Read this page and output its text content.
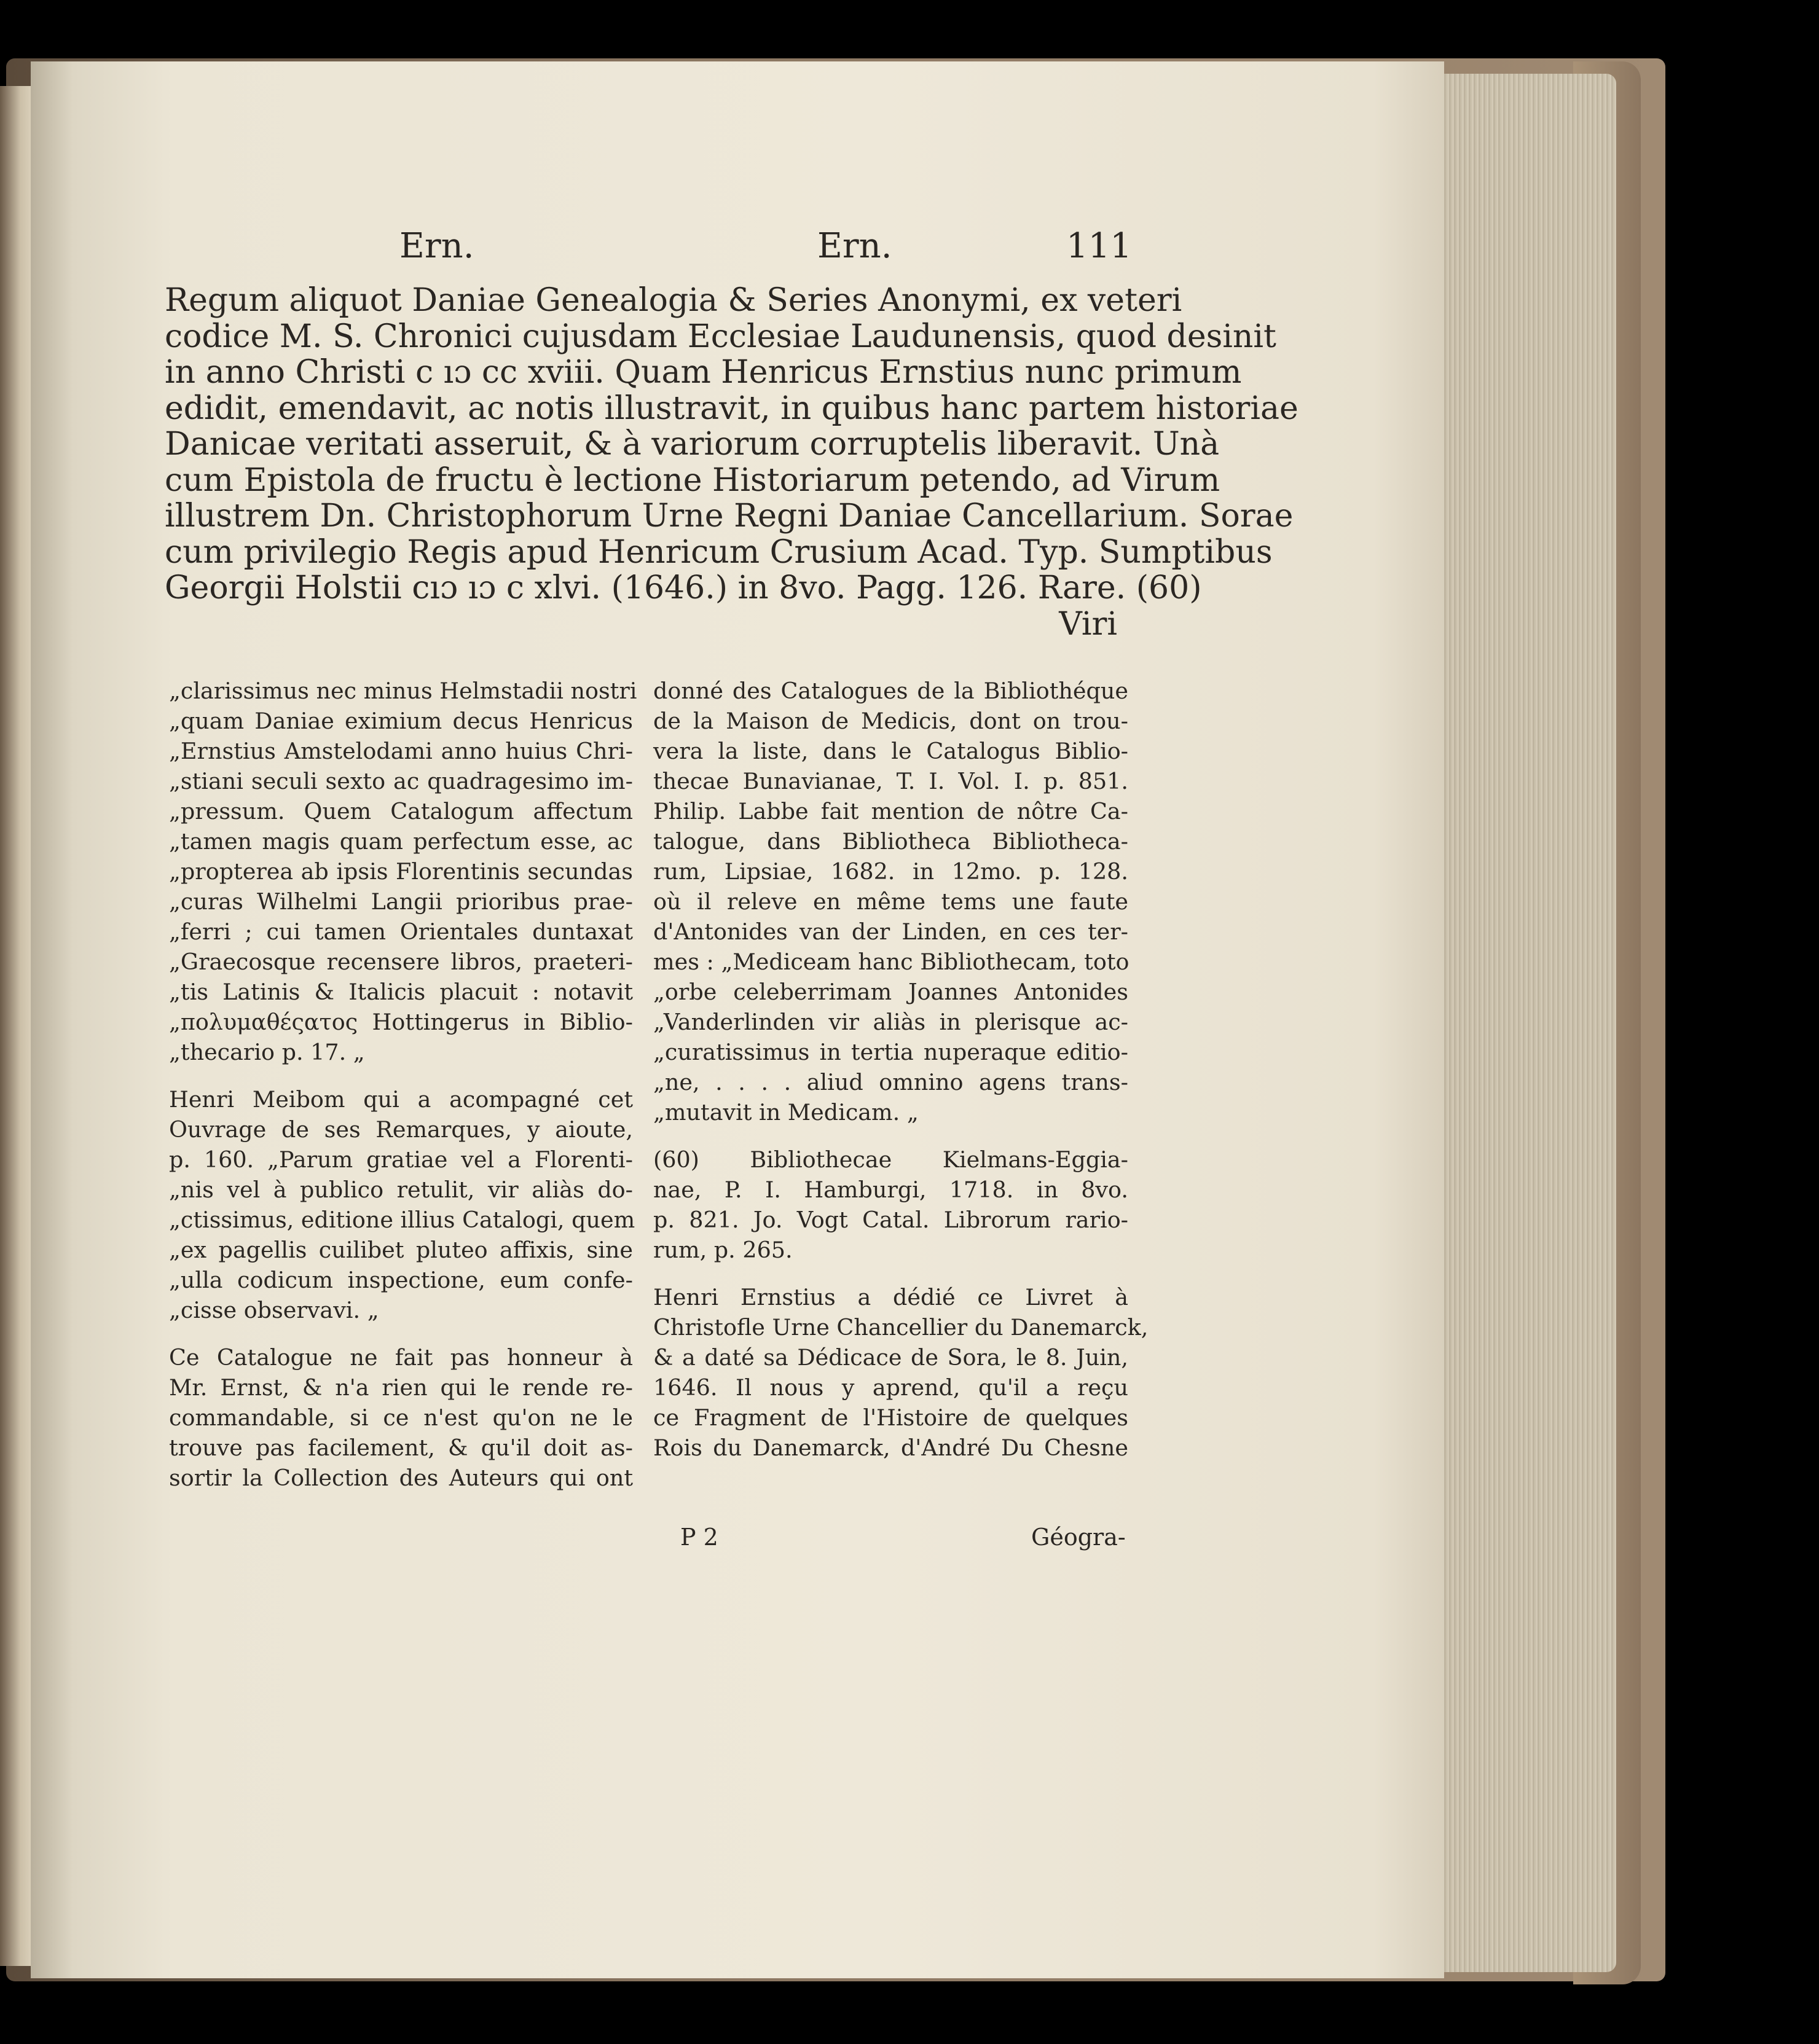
Ern.	Ern.	111
Regum aliquot Daniae Genealogia & Series Anonymi, ex veteri
codice M. S. Chronici cujusdam Ecclesiae Laudunensis, quod desinit
in anno Christi c ıɔ cc xviii. Quam Henricus Ernstius nunc primum
edidit, emendavit, ac notis illustravit, in quibus hanc partem historiae
Danicae veritati asseruit, & à variorum corruptelis liberavit. Unà
cum Epistola de fructu è lectione Historiarum petendo, ad Virum
illustrem Dn. Christophorum Urne Regni Daniae Cancellarium. Sorae
cum privilegio Regis apud Henricum Crusium Acad. Typ. Sumptibus
Georgii Holstii cıɔ ıɔ c xlvi. (1646.) in 8vo. Pagg. 126. Rare. (60)
Viri
„clarissimus nec minus Helmstadii nostri
„quam Daniae eximium decus Henricus
„Ernstius Amstelodami anno huius Chri-
„stiani seculi sexto ac quadragesimo im-
„pressum. Quem Catalogum affectum
„tamen magis quam perfectum esse, ac
„propterea ab ipsis Florentinis secundas
„curas Wilhelmi Langii prioribus prae-
„ferri ; cui tamen Orientales duntaxat
„Graecosque recensere libros, praeteri-
„tis Latinis & Italicis placuit : notavit
„πολυμαθέςατος Hottingerus in Biblio-
„thecario p. 17. „
Henri Meibom qui a acompagné cet
Ouvrage de ses Remarques, y aioute,
p. 160. „Parum gratiae vel a Florenti-
„nis vel à publico retulit, vir aliàs do-
„ctissimus, editione illius Catalogi, quem
„ex pagellis cuilibet pluteo affixis, sine
„ulla codicum inspectione, eum confe-
„cisse observavi. „
Ce Catalogue ne fait pas honneur à
Mr. Ernst, & n'a rien qui le rende re-
commandable, si ce n'est qu'on ne le
trouve pas facilement, & qu'il doit as-
sortir la Collection des Auteurs qui ont
donné des Catalogues de la Bibliothéque
de la Maison de Medicis, dont on trou-
vera la liste, dans le Catalogus Biblio-
thecae Bunavianae, T. I. Vol. I. p. 851.
Philip. Labbe fait mention de nôtre Ca-
talogue, dans Bibliotheca Bibliotheca-
rum, Lipsiae, 1682. in 12mo. p. 128.
où il releve en même tems une faute
d'Antonides van der Linden, en ces ter-
mes : „Mediceam hanc Bibliothecam, toto
„orbe celeberrimam Joannes Antonides
„Vanderlinden vir aliàs in plerisque ac-
„curatissimus in tertia nuperaque editio-
„ne, . . . . aliud omnino agens trans-
„mutavit in Medicam. „
(60) Bibliothecae Kielmans-Eggia-
nae, P. I. Hamburgi, 1718. in 8vo.
p. 821. Jo. Vogt Catal. Librorum rario-
rum, p. 265.
Henri Ernstius a dédié ce Livret à
Christofle Urne Chancellier du Danemarck,
& a daté sa Dédicace de Sora, le 8. Juin,
1646. Il nous y aprend, qu'il a reçu
ce Fragment de l'Histoire de quelques
Rois du Danemarck, d'André Du Chesne
P 2	Géogra-
